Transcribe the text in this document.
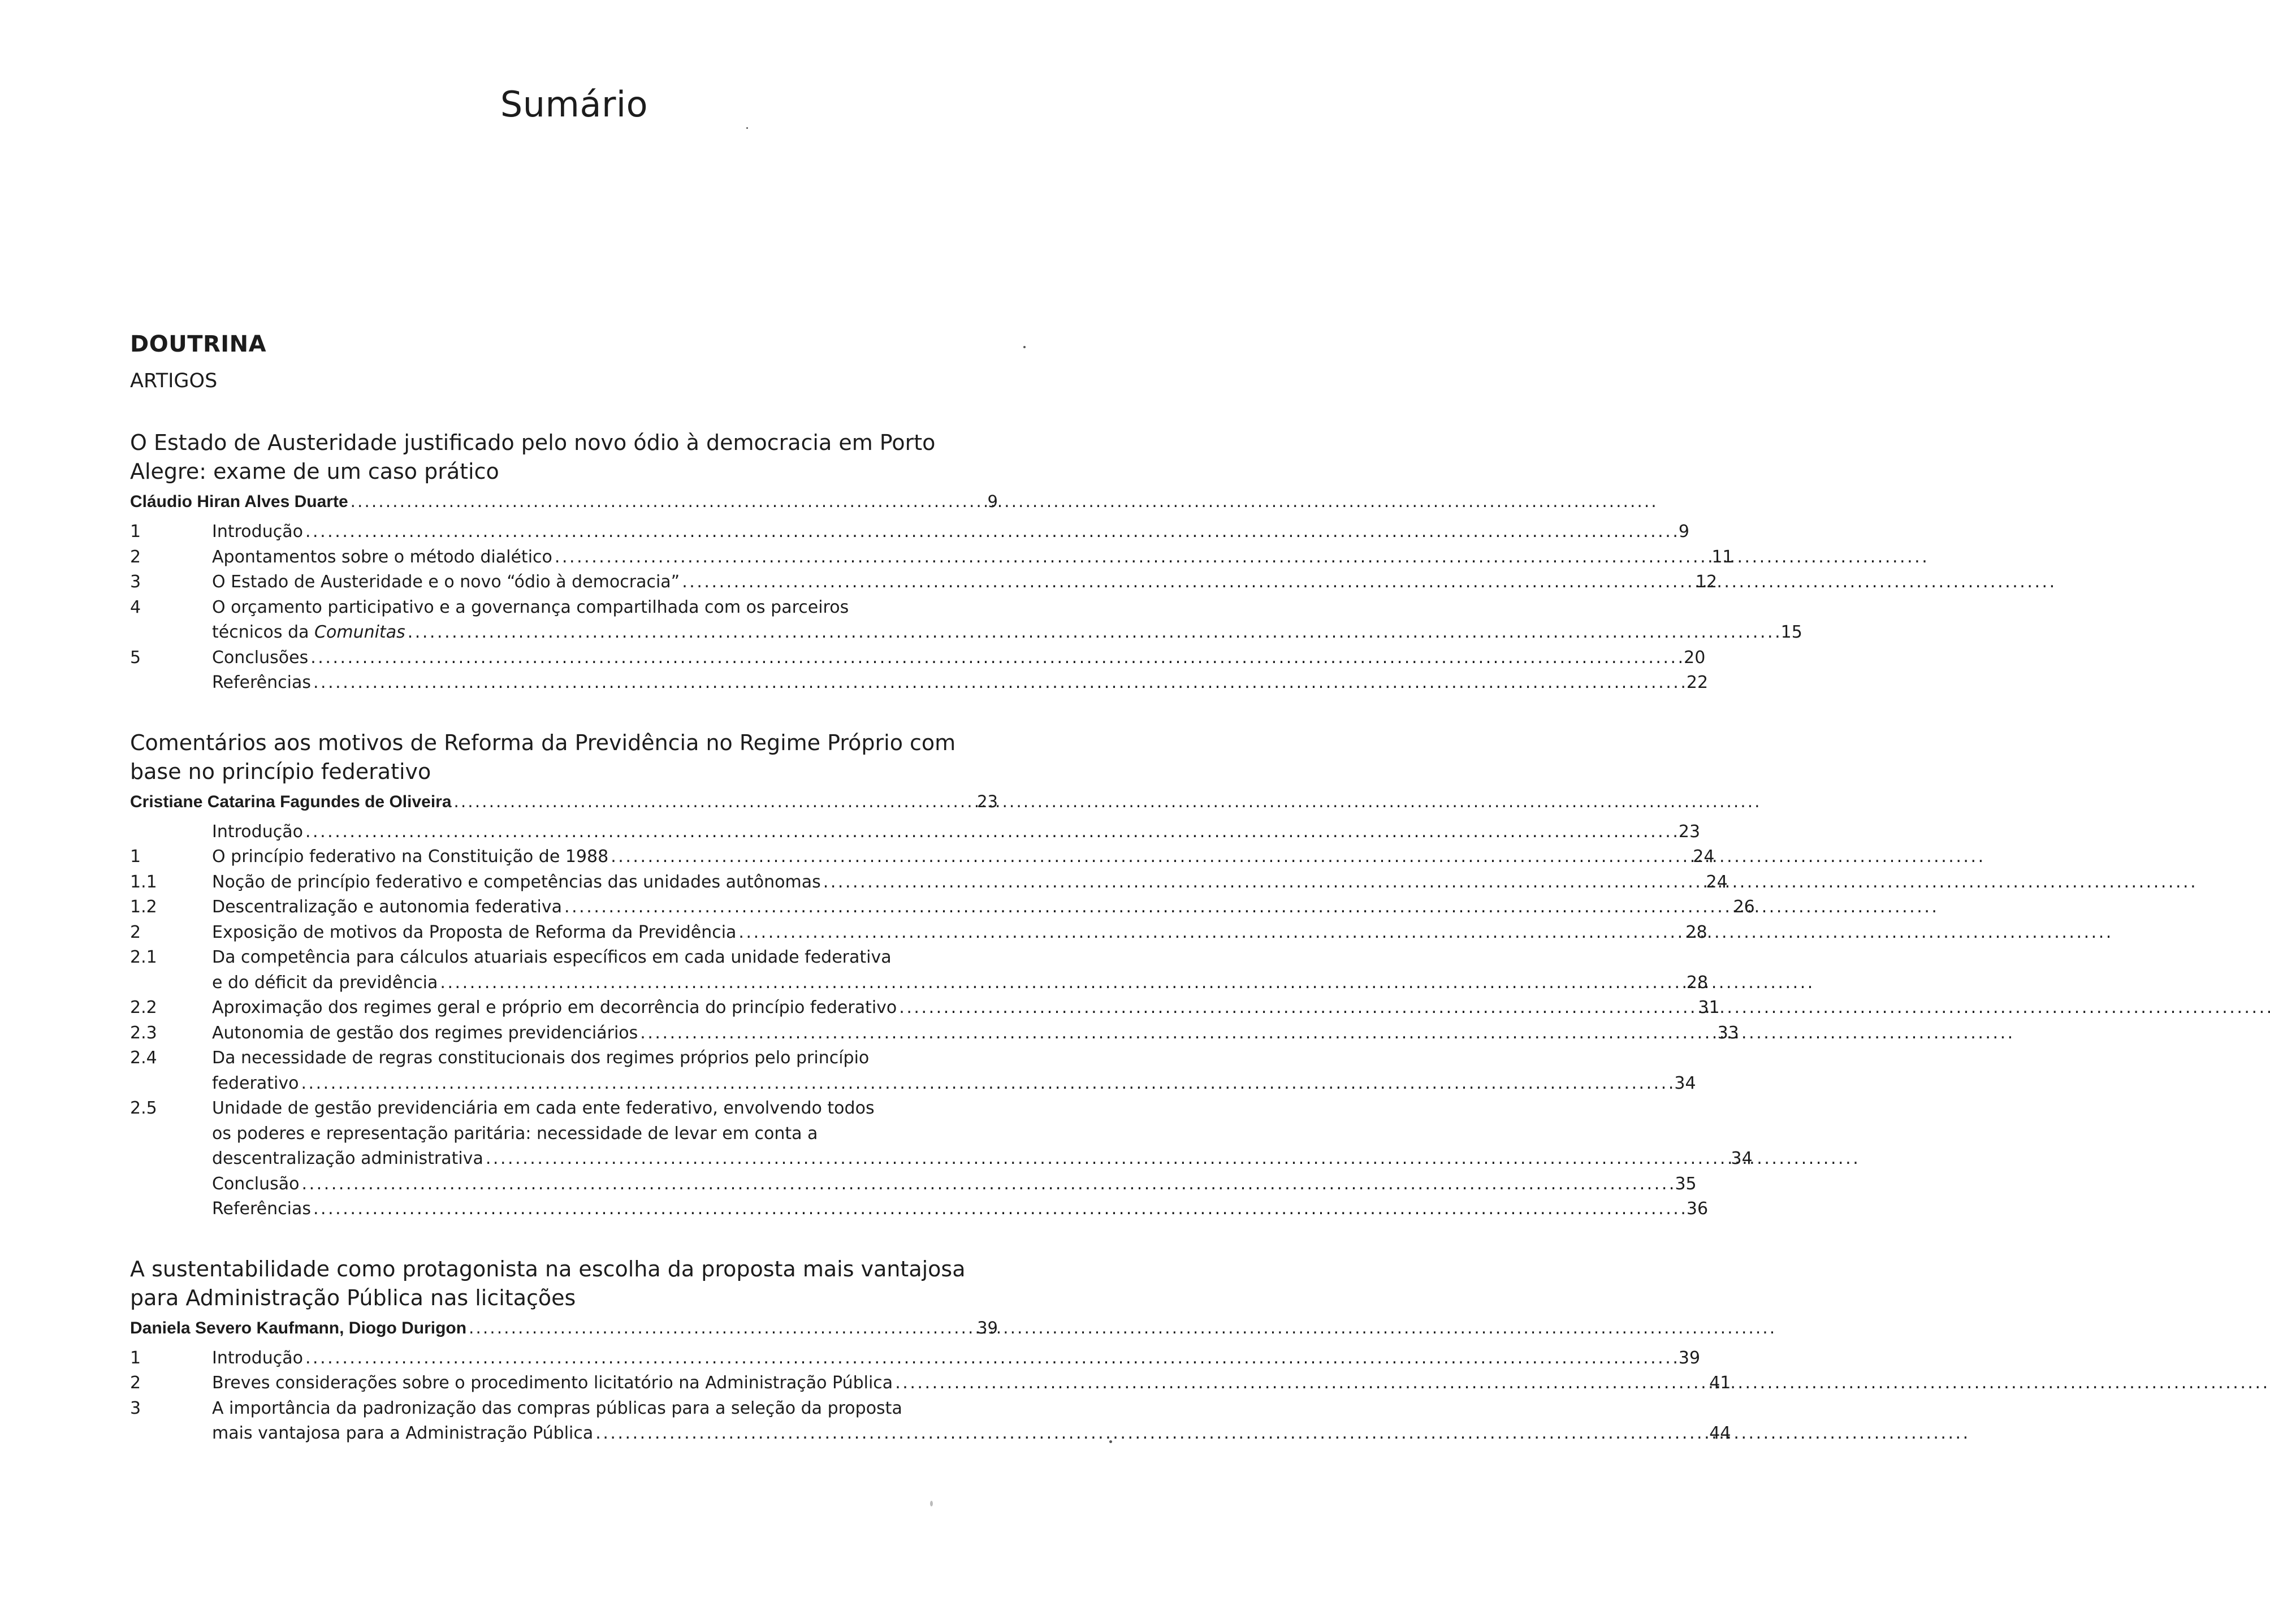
Sumário
DOUTRINA
ARTIGOS
O Estado de Austeridade justificado pelo novo ódio à democracia em Porto
Alegre: exame de um caso prático
Cláudio Hiran Alves Duarte . . .	9
1	Introdução . . .	9
2	Apontamentos sobre o método dialético . . .	11
3	O Estado de Austeridade e o novo “ódio à democracia” . . .	12
4	O orçamento participativo e a governança compartilhada com os parceiros
técnicos da Comunitas . . .	15
5	Conclusões . . .	20
Referências . . .	22
Comentários aos motivos de Reforma da Previdência no Regime Próprio com
base no princípio federativo
Cristiane Catarina Fagundes de Oliveira . . .	23
Introdução . . .	23
1	O princípio federativo na Constituição de 1988 . . .	24
1.1	Noção de princípio federativo e competências das unidades autônomas . . .	24
1.2	Descentralização e autonomia federativa . . .	26
2	Exposição de motivos da Proposta de Reforma da Previdência . . .	28
2.1	Da competência para cálculos atuariais específicos em cada unidade federativa
e do déficit da previdência . . .	28
2.2	Aproximação dos regimes geral e próprio em decorrência do princípio federativo . . .	31
2.3	Autonomia de gestão dos regimes previdenciários . . .	33
2.4	Da necessidade de regras constitucionais dos regimes próprios pelo princípio
federativo . . .	34
2.5	Unidade de gestão previdenciária em cada ente federativo, envolvendo todos
os poderes e representação paritária: necessidade de levar em conta a
descentralização administrativa . . .	34
Conclusão . . .	35
Referências . . .	36
A sustentabilidade como protagonista na escolha da proposta mais vantajosa
para Administração Pública nas licitações
Daniela Severo Kaufmann, Diogo Durigon . . .	39
1	Introdução . . .	39
2	Breves considerações sobre o procedimento licitatório na Administração Pública . . .	41
3	A importância da padronização das compras públicas para a seleção da proposta
mais vantajosa para a Administração Pública . . .	44
